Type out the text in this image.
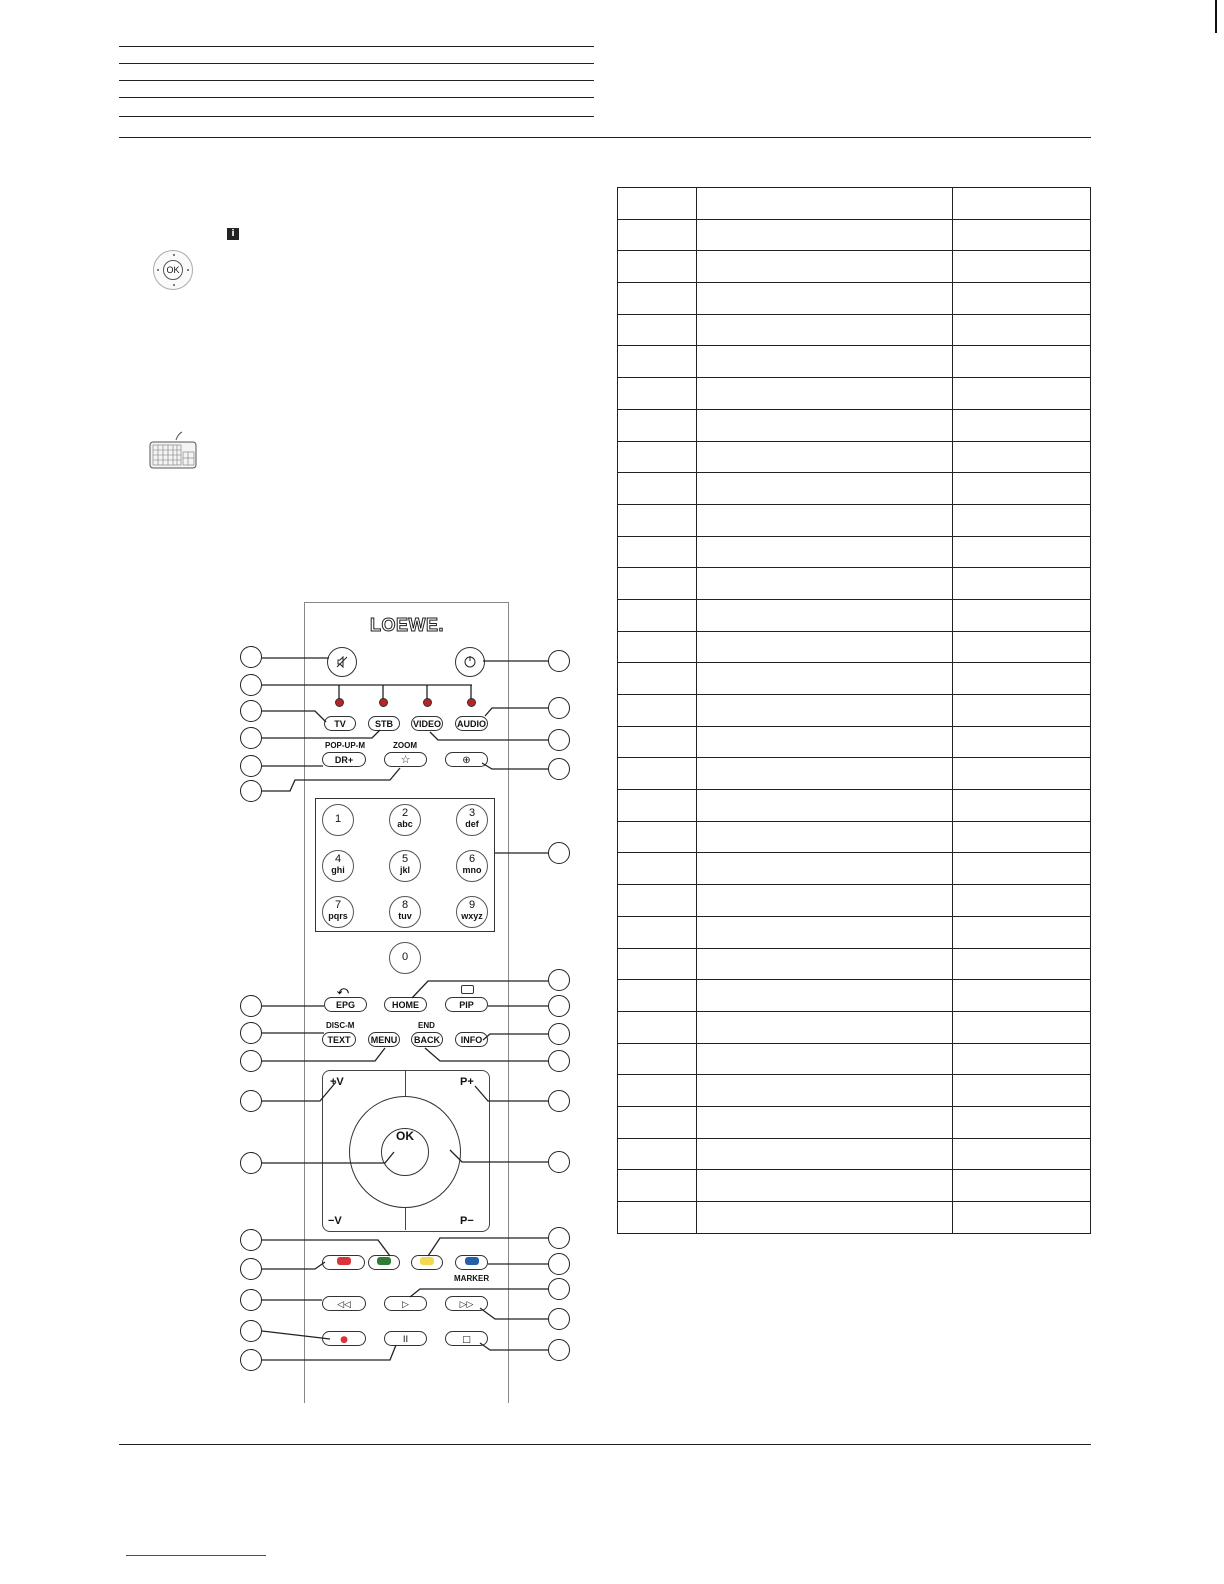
i
OK

LOEWE.
TV	STB	VIDEO AUDIO
POP-UP-M	ZOOM
DR+	☆	⊕
1	2
abc
3
def
4
ghi
5
jkl
6
mno
7
pqrs
8
tuv
9
wxyz
0
⤺
EPG	HOME	PIP
DISC-M	END
TEXT	MENU	BACK	INFO
+V	P+
−V	P−
OK
MARKER
◁◁	▷	▷▷
●	II	□
